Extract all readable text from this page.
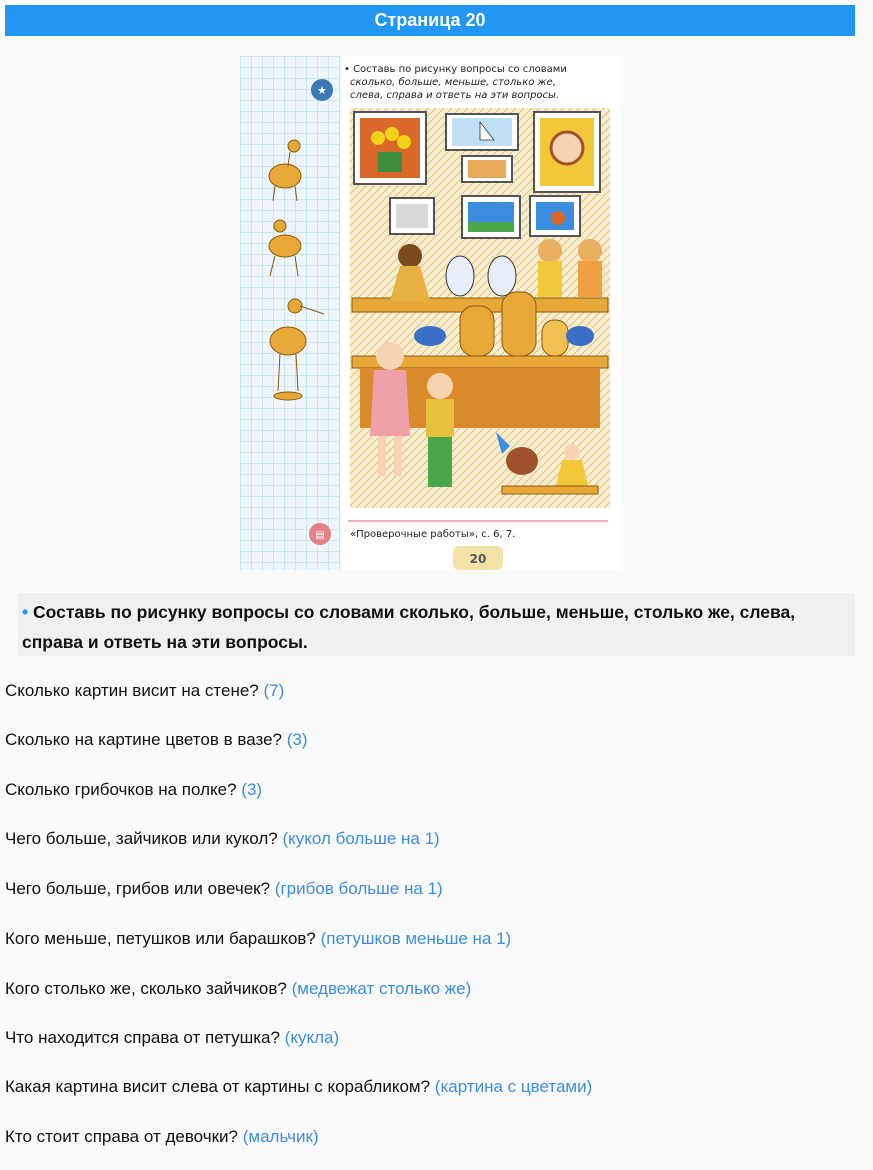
Страница 20
★
• Составь по рисунку вопросы со словами
сколько, больше, меньше, столько же,
слева, справа и ответь на эти вопросы.
▤	«Проверочные работы», с. 6, 7.
20
• Составь по рисунку вопросы со словами сколько, больше, меньше, столько же, слева, справа и ответь на эти вопросы.
Сколько картин висит на стене? (7)
Сколько на картине цветов в вазе? (3)
Сколько грибочков на полке? (3)
Чего больше, зайчиков или кукол? (кукол больше на 1)
Чего больше, грибов или овечек? (грибов больше на 1)
Кого меньше, петушков или барашков? (петушков меньше на 1)
Кого столько же, сколько зайчиков? (медвежат столько же)
Что находится справа от петушка? (кукла)
Какая картина висит слева от картины с корабликом? (картина с цветами)
Кто стоит справа от девочки? (мальчик)
